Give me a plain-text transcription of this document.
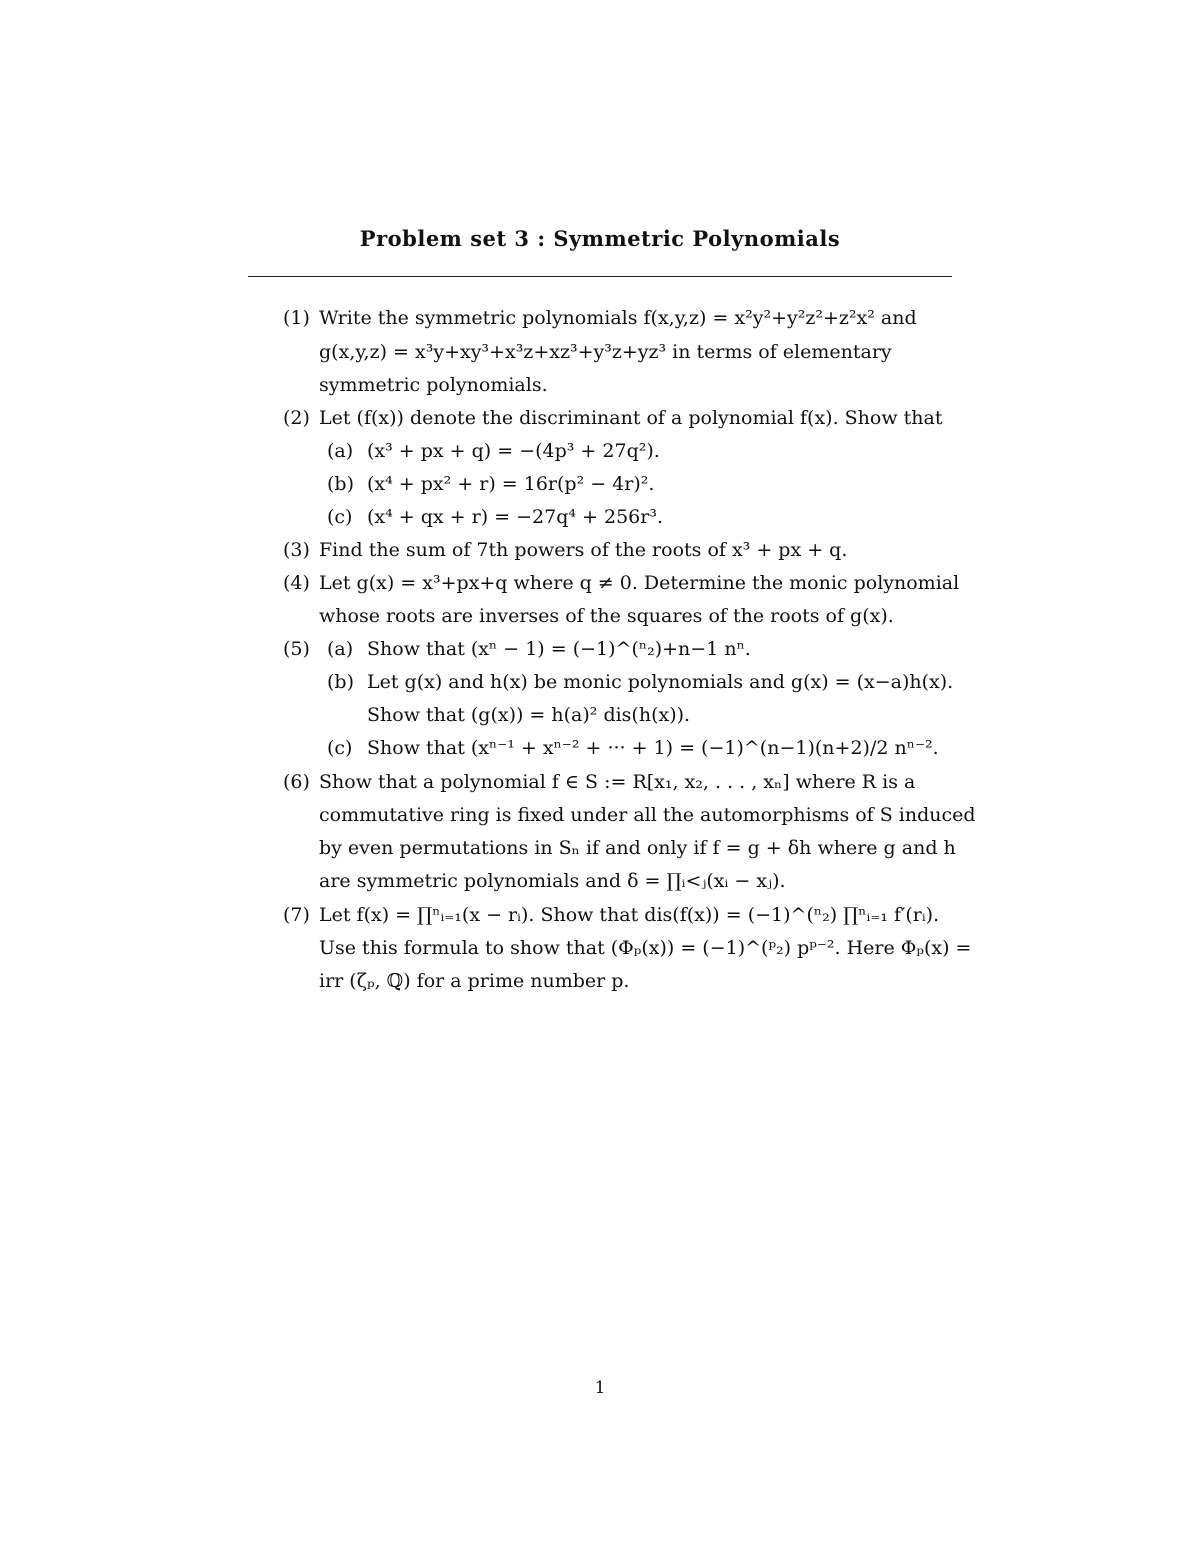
Problem set 3 : Symmetric Polynomials
(1) Write the symmetric polynomials f(x,y,z) = x²y²+y²z²+z²x² and
g(x,y,z) = x³y+xy³+x³z+xz³+y³z+yz³ in terms of elementary
symmetric polynomials.
(2) Let (f(x)) denote the discriminant of a polynomial f(x). Show that
(a) (x³ + px + q) = −(4p³ + 27q²).
(b) (x⁴ + px² + r) = 16r(p² − 4r)².
(c) (x⁴ + qx + r) = −27q⁴ + 256r³.
(3) Find the sum of 7th powers of the roots of x³ + px + q.
(4) Let g(x) = x³+px+q where q ≠ 0. Determine the monic polynomial
whose roots are inverses of the squares of the roots of g(x).
(5) (a) Show that (xⁿ − 1) = (−1)^(ⁿ₂)+n−1 nⁿ.
(b) Let g(x) and h(x) be monic polynomials and g(x) = (x−a)h(x).
Show that (g(x)) = h(a)² dis(h(x)).
(c) Show that (xⁿ⁻¹ + xⁿ⁻² + ··· + 1) = (−1)^(n−1)(n+2)/2 nⁿ⁻².
(6) Show that a polynomial f ∈ S := R[x₁, x₂, . . . , xₙ] where R is a
commutative ring is fixed under all the automorphisms of S induced
by even permutations in Sₙ if and only if f = g + δh where g and h
are symmetric polynomials and δ = ∏ᵢ<ⱼ(xᵢ − xⱼ).
(7) Let f(x) = ∏ⁿᵢ₌₁(x − rᵢ). Show that dis(f(x)) = (−1)^(ⁿ₂) ∏ⁿᵢ₌₁ f′(rᵢ).
Use this formula to show that (Φₚ(x)) = (−1)^(ᵖ₂) pᵖ⁻². Here Φₚ(x) =
irr (ζₚ, ℚ) for a prime number p.
1
